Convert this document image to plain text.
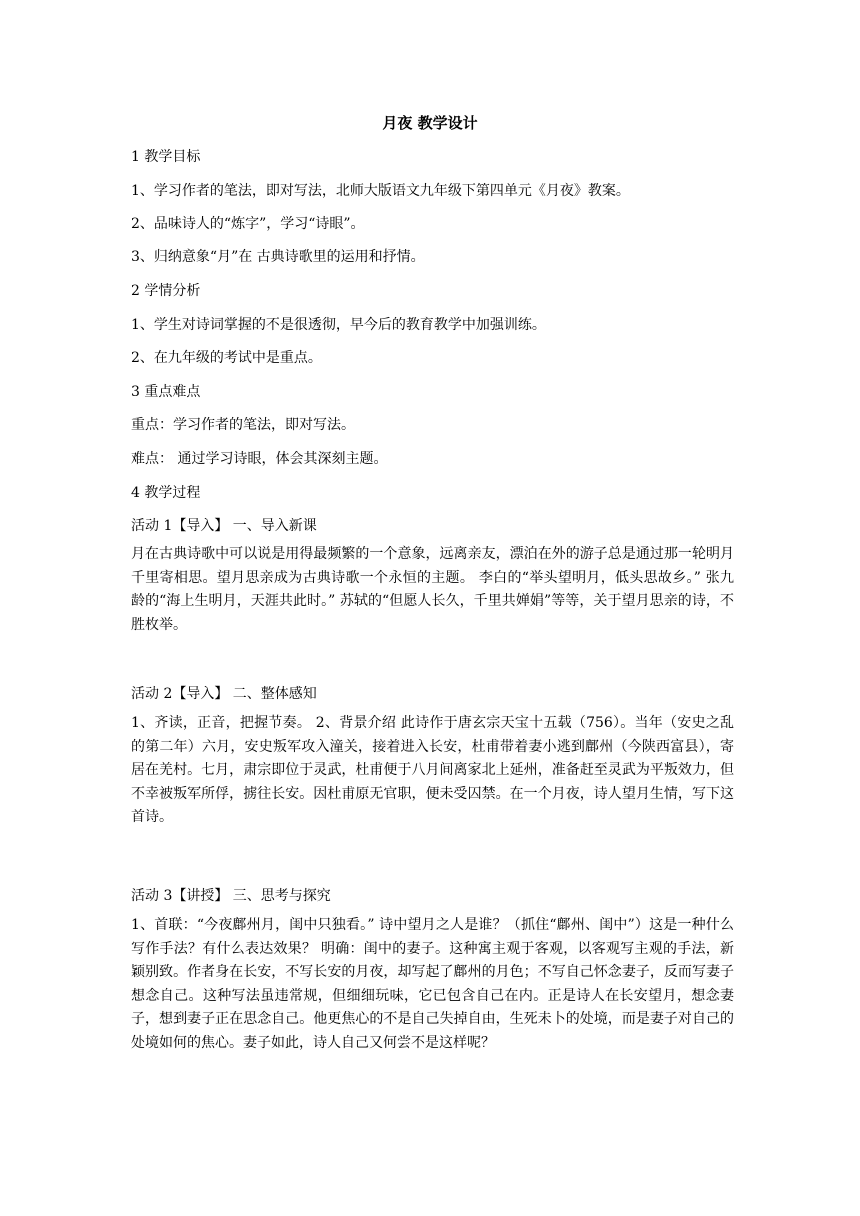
月夜 教学设计
1 教学目标
1、学习作者的笔法，即对写法，北师大版语文九年级下第四单元《月夜》教案。
2、品味诗人的“炼字”，学习“诗眼”。
3、归纳意象“月”在 古典诗歌里的运用和抒情。
2 学情分析
1、学生对诗词掌握的不是很透彻，早今后的教育教学中加强训练。
2、在九年级的考试中是重点。
3 重点难点
重点：学习作者的笔法，即对写法。
难点： 通过学习诗眼，体会其深刻主题。
4 教学过程
活动 1【导入】 一、导入新课
月在古典诗歌中可以说是用得最频繁的一个意象，远离亲友，漂泊在外的游子总是通过那一轮明月千里寄相思。望月思亲成为古典诗歌一个永恒的主题。 李白的“举头望明月，低头思故乡。” 张九龄的“海上生明月，天涯共此时。” 苏轼的“但愿人长久，千里共婵娟”等等，关于望月思亲的诗，不胜枚举。
活动 2【导入】 二、整体感知
1、齐读，正音，把握节奏。 2、背景介绍 此诗作于唐玄宗天宝十五载（756）。当年（安史之乱的第二年）六月，安史叛军攻入潼关，接着进入长安，杜甫带着妻小逃到鄜州（今陕西富县），寄居在羌村。七月，肃宗即位于灵武，杜甫便于八月间离家北上延州，准备赶至灵武为平叛效力，但不幸被叛军所俘，掳往长安。因杜甫原无官职，便未受囚禁。在一个月夜，诗人望月生情，写下这首诗。
活动 3【讲授】 三、思考与探究
1、首联：“今夜鄜州月，闺中只独看。” 诗中望月之人是谁？（抓住“鄜州、闺中”）这是一种什么写作手法？有什么表达效果？ 明确：闺中的妻子。这种寓主观于客观，以客观写主观的手法，新颖别致。作者身在长安，不写长安的月夜，却写起了鄜州的月色；不写自己怀念妻子，反而写妻子想念自己。这种写法虽违常规，但细细玩味，它已包含自己在内。正是诗人在长安望月，想念妻子，想到妻子正在思念自己。他更焦心的不是自己失掉自由，生死未卜的处境，而是妻子对自己的处境如何的焦心。妻子如此，诗人自己又何尝不是这样呢？
